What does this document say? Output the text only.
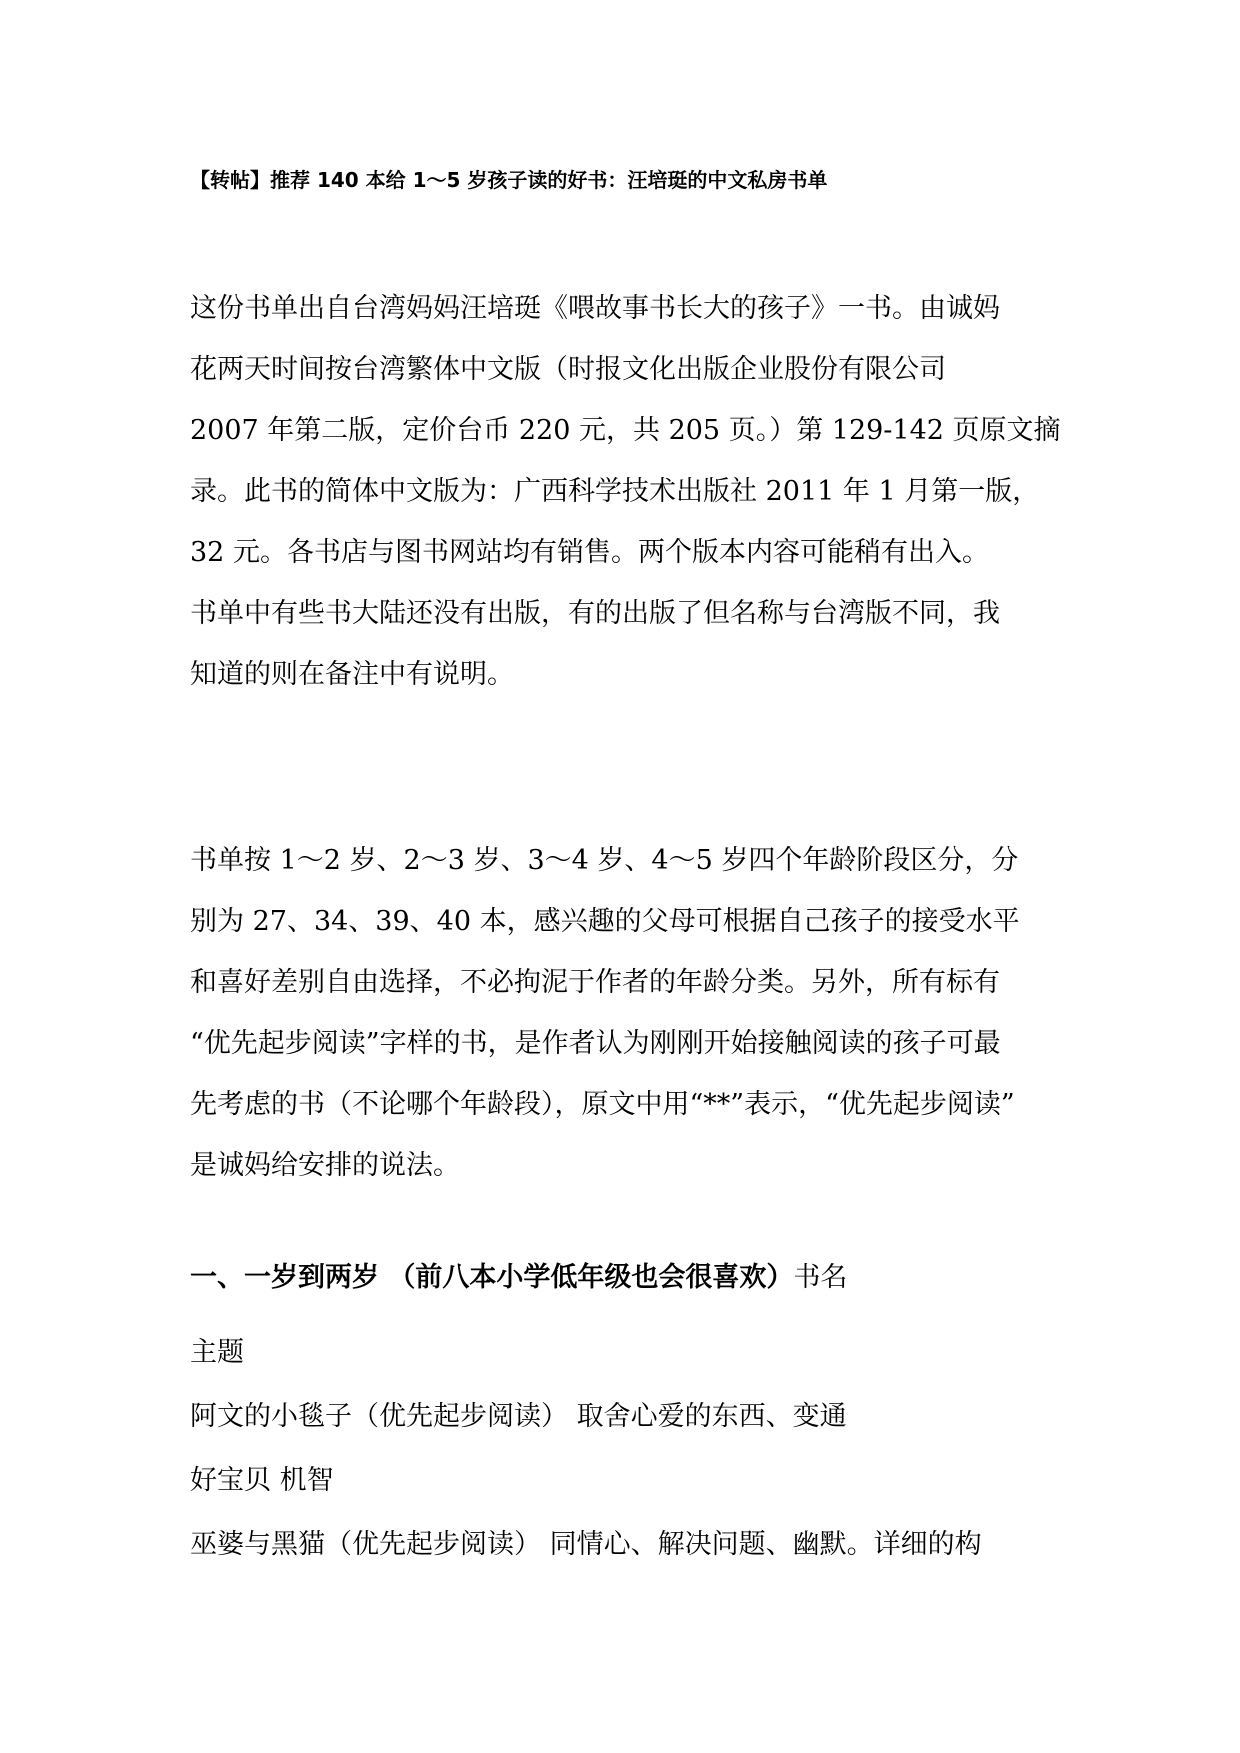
【转帖】推荐 140 本给 1～5 岁孩子读的好书：汪培珽的中文私房书单
这份书单出自台湾妈妈汪培珽《喂故事书长大的孩子》一书。由诚妈
花两天时间按台湾繁体中文版（时报文化出版企业股份有限公司
2007 年第二版，定价台币 220 元，共 205 页。）第 129-142 页原文摘
录。此书的简体中文版为：广西科学技术出版社 2011 年 1 月第一版，
32 元。各书店与图书网站均有销售。两个版本内容可能稍有出入。
书单中有些书大陆还没有出版，有的出版了但名称与台湾版不同，我
知道的则在备注中有说明。
书单按 1～2 岁、2～3 岁、3～4 岁、4～5 岁四个年龄阶段区分，分
别为 27、34、39、40 本，感兴趣的父母可根据自己孩子的接受水平
和喜好差别自由选择，不必拘泥于作者的年龄分类。另外，所有标有
“优先起步阅读”字样的书，是作者认为刚刚开始接触阅读的孩子可最
先考虑的书（不论哪个年龄段），原文中用“**”表示，“优先起步阅读”
是诚妈给安排的说法。
一、一岁到两岁 （前八本小学低年级也会很喜欢）书名
主题
阿文的小毯子（优先起步阅读） 取舍心爱的东西、变通
好宝贝 机智
巫婆与黑猫（优先起步阅读） 同情心、解决问题、幽默。详细的构
